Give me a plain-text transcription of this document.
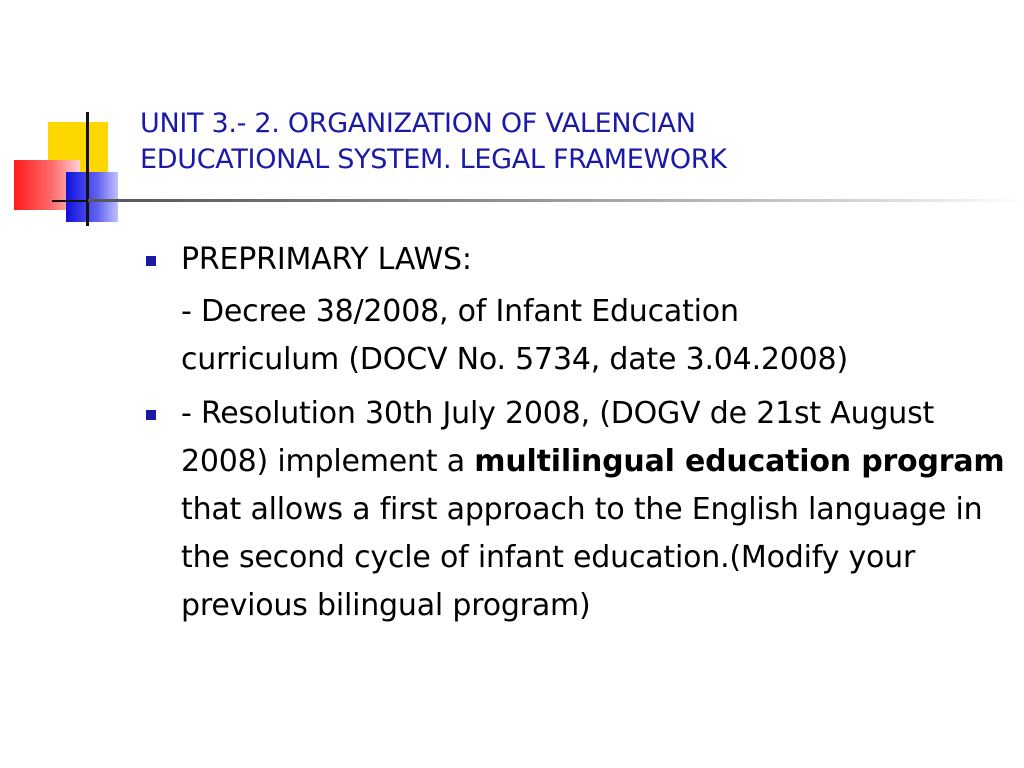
UNIT 3.- 2. ORGANIZATION OF VALENCIAN
EDUCATIONAL SYSTEM. LEGAL FRAMEWORK
PREPRIMARY LAWS:
- Decree 38/2008, of Infant Education
curriculum (DOCV No. 5734, date 3.04.2008)
- Resolution 30th July 2008, (DOGV de 21st August 2008) implement a multilingual education program that allows a first approach to the English language in the second cycle of infant education.(Modify your previous bilingual program)
